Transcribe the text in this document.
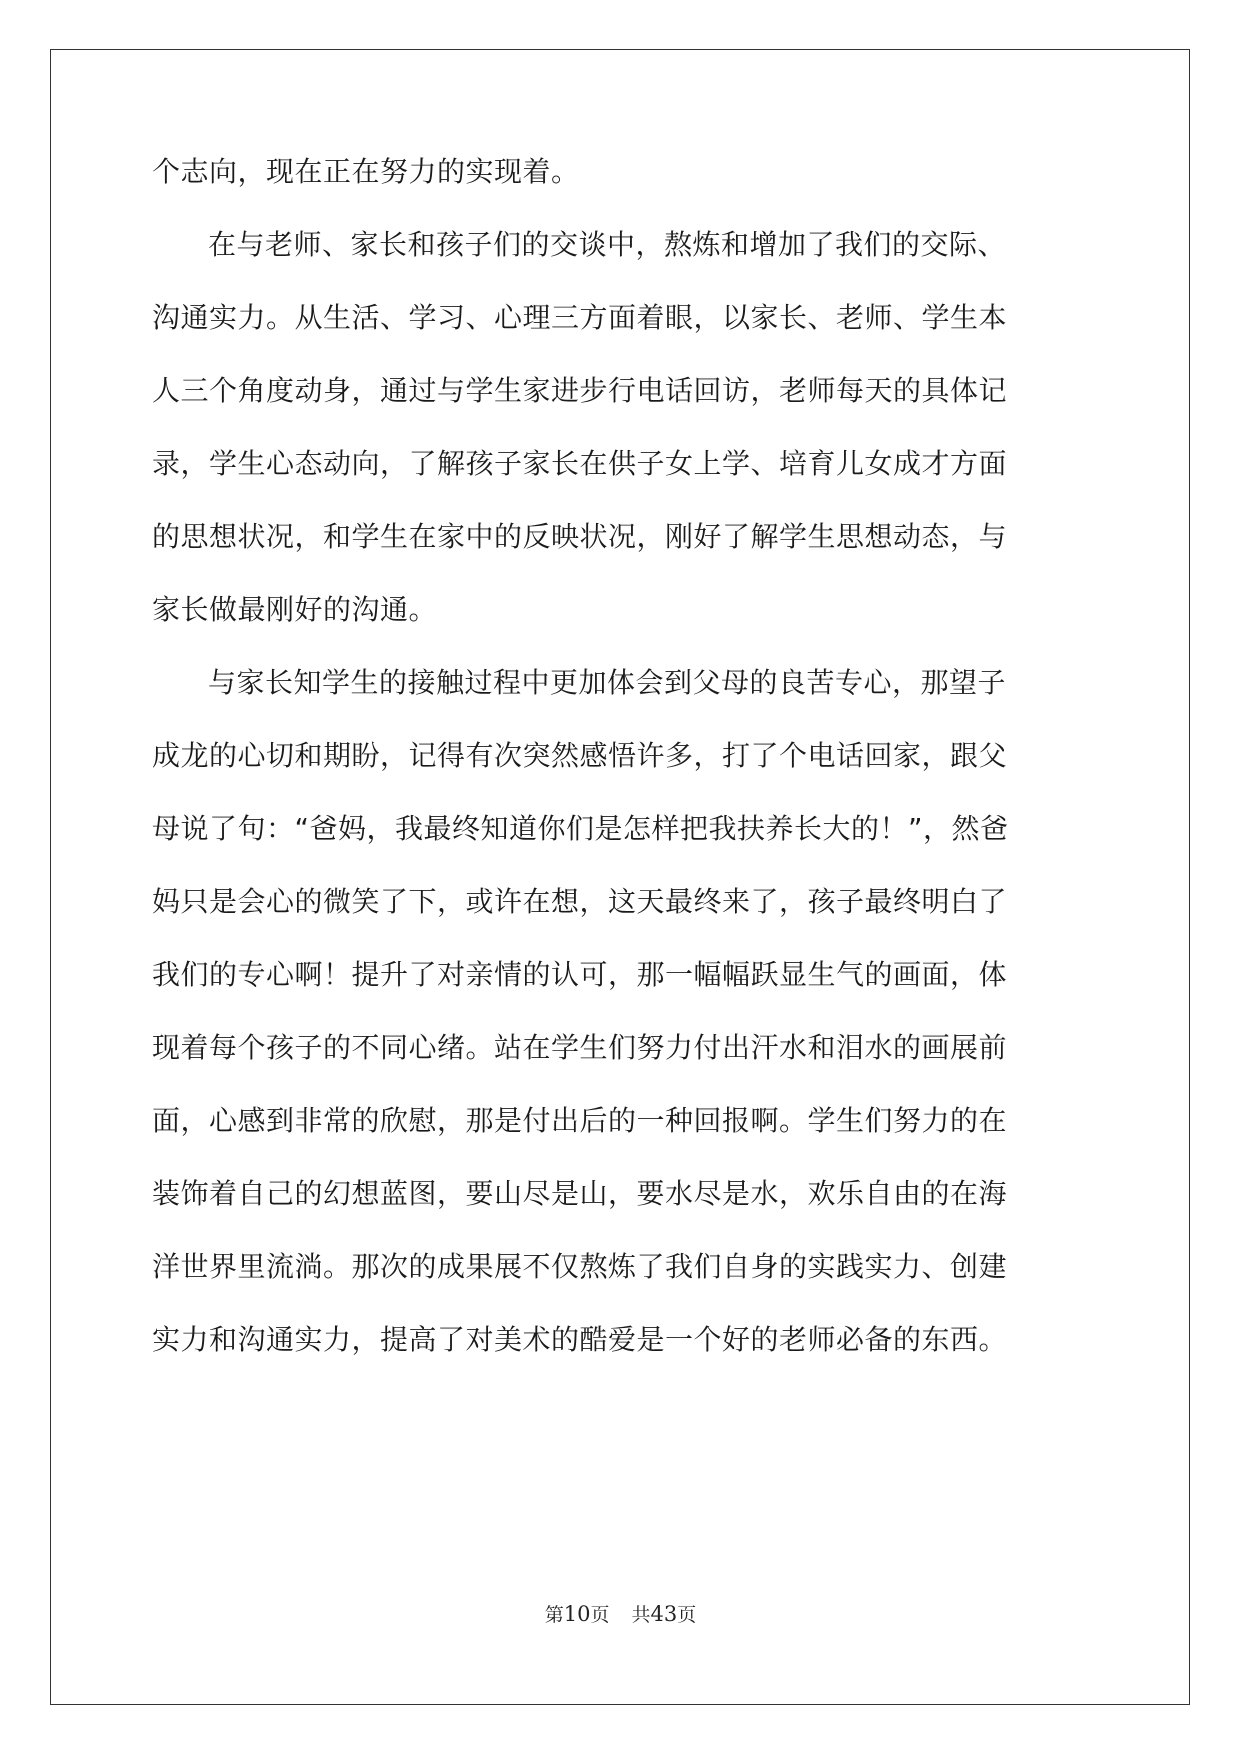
个志向，现在正在努力的实现着。
在与老师、家长和孩子们的交谈中，熬炼和增加了我们的交际、
沟通实力。从生活、学习、心理三方面着眼，以家长、老师、学生本
人三个角度动身，通过与学生家进步行电话回访，老师每天的具体记
录，学生心态动向，了解孩子家长在供子女上学、培育儿女成才方面
的思想状况，和学生在家中的反映状况，刚好了解学生思想动态，与
家长做最刚好的沟通。
与家长知学生的接触过程中更加体会到父母的良苦专心，那望子
成龙的心切和期盼，记得有次突然感悟许多，打了个电话回家，跟父
母说了句：“爸妈，我最终知道你们是怎样把我扶养长大的！”，然爸
妈只是会心的微笑了下，或许在想，这天最终来了，孩子最终明白了
我们的专心啊！提升了对亲情的认可，那一幅幅跃显生气的画面，体
现着每个孩子的不同心绪。站在学生们努力付出汗水和泪水的画展前
面，心感到非常的欣慰，那是付出后的一种回报啊。学生们努力的在
装饰着自己的幻想蓝图，要山尽是山，要水尽是水，欢乐自由的在海
洋世界里流淌。那次的成果展不仅熬炼了我们自身的实践实力、创建
实力和沟通实力，提高了对美术的酷爱是一个好的老师必备的东西。
第10页 共43页
